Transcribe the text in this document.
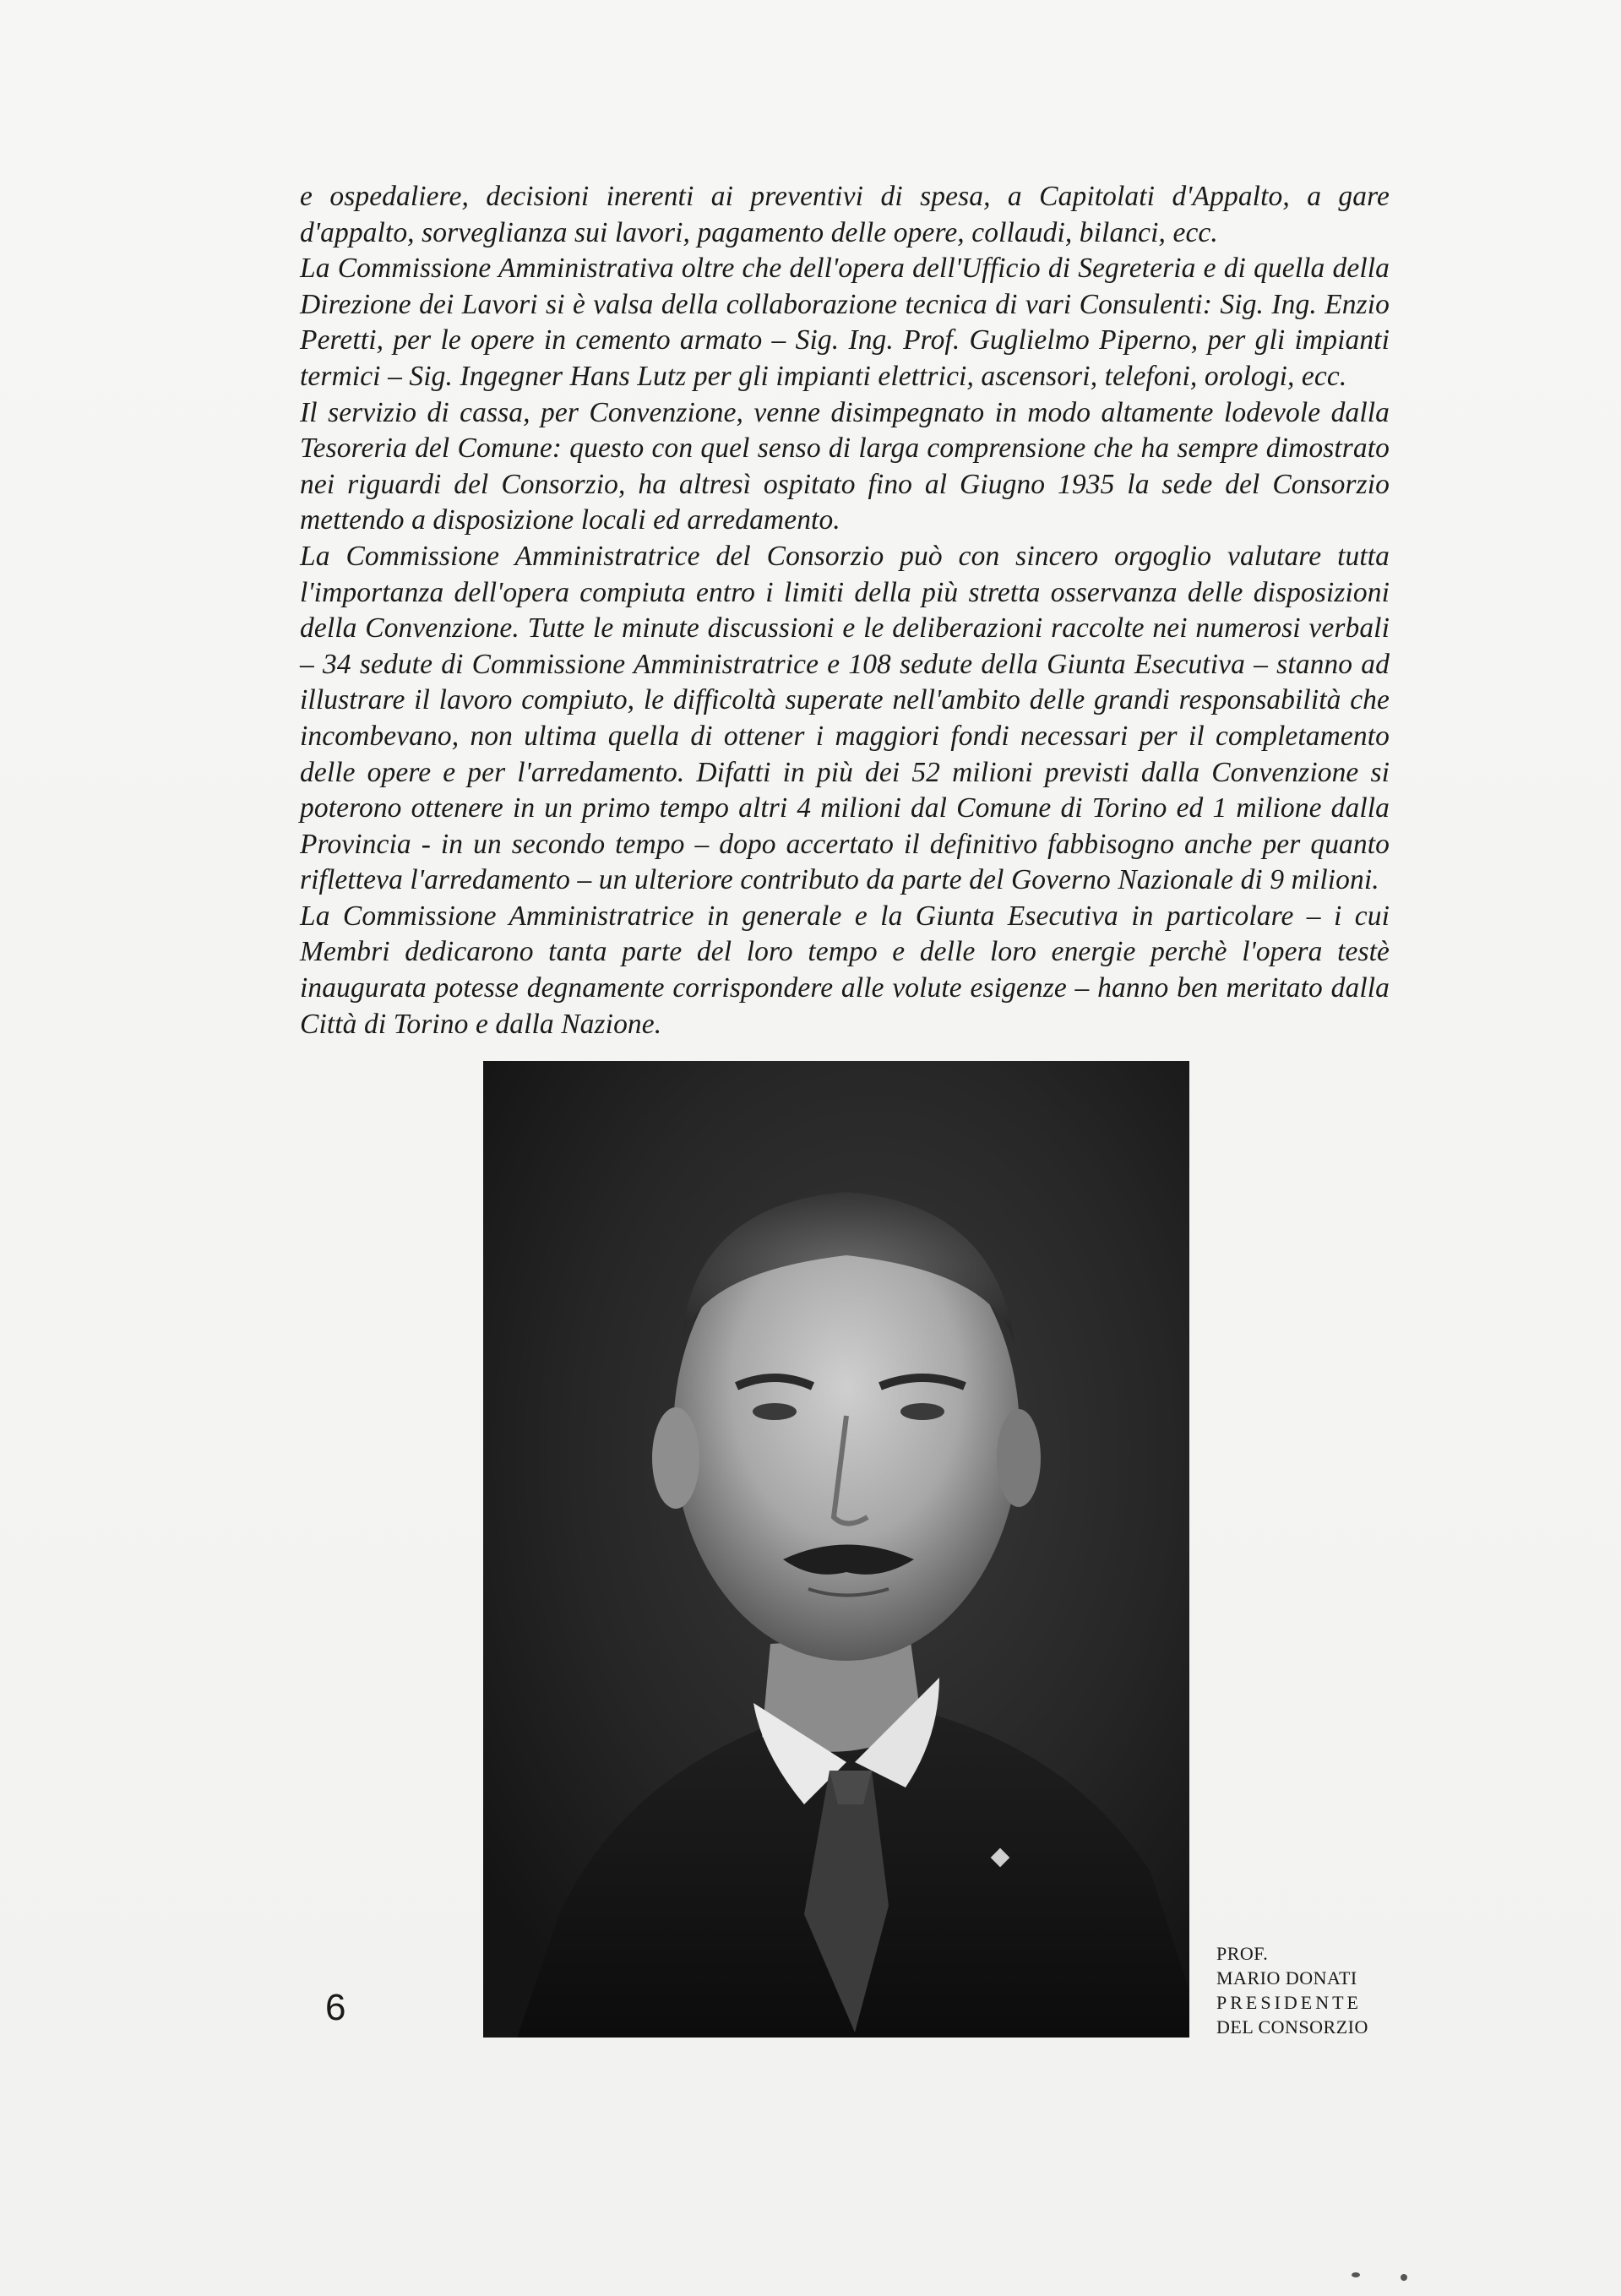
e ospedaliere, decisioni inerenti ai preventivi di spesa, a Capitolati d'Appalto, a gare d'appalto, sorveglianza sui lavori, pagamento delle opere, collaudi, bilanci, ecc.

La Commissione Amministrativa oltre che dell'opera dell'Ufficio di Segreteria e di quella della Direzione dei Lavori si è valsa della collaborazione tecnica di vari Consulenti: Sig. Ing. Enzio Peretti, per le opere in cemento armato – Sig. Ing. Prof. Guglielmo Piperno, per gli impianti termici – Sig. Ingegner Hans Lutz per gli impianti elettrici, ascensori, telefoni, orologi, ecc.

Il servizio di cassa, per Convenzione, venne disimpegnato in modo altamente lodevole dalla Tesoreria del Comune: questo con quel senso di larga comprensione che ha sempre dimostrato nei riguardi del Consorzio, ha altresì ospitato fino al Giugno 1935 la sede del Consorzio mettendo a disposizione locali ed arredamento.

La Commissione Amministratrice del Consorzio può con sincero orgoglio valutare tutta l'importanza dell'opera compiuta entro i limiti della più stretta osservanza delle disposizioni della Convenzione. Tutte le minute discussioni e le deliberazioni raccolte nei numerosi verbali – 34 sedute di Commissione Amministratrice e 108 sedute della Giunta Esecutiva – stanno ad illustrare il lavoro compiuto, le difficoltà superate nell'ambito delle grandi responsabilità che incombevano, non ultima quella di ottener i maggiori fondi necessari per il completamento delle opere e per l'arredamento. Difatti in più dei 52 milioni previsti dalla Convenzione si poterono ottenere in un primo tempo altri 4 milioni dal Comune di Torino ed 1 milione dalla Provincia - in un secondo tempo – dopo accertato il definitivo fabbisogno anche per quanto rifletteva l'arredamento – un ulteriore contributo da parte del Governo Nazionale di 9 milioni.

La Commissione Amministratrice in generale e la Giunta Esecutiva in particolare – i cui Membri dedicarono tanta parte del loro tempo e delle loro energie perchè l'opera testè inaugurata potesse degnamente corrispondere alle volute esigenze – hanno ben meritato dalla Città di Torino e dalla Nazione.

PROF.
MARIO DONATI
PRESIDENTE
DEL CONSORZIO
6
